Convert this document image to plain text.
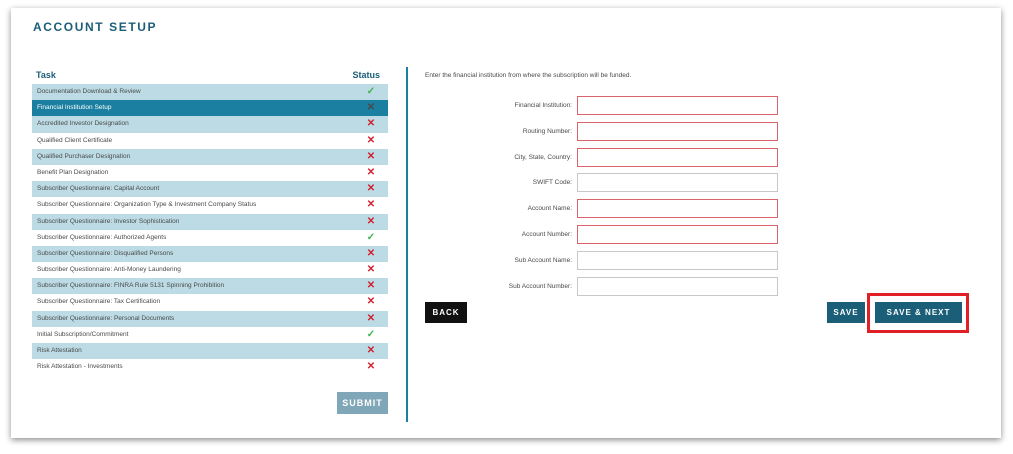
ACCOUNT SETUP
Task	Status
Documentation Download & Review	✓
Financial Institution Setup	✕
Accredited Investor Designation	✕
Qualified Client Certificate	✕
Qualified Purchaser Designation	✕
Benefit Plan Designation	✕
Subscriber Questionnaire: Capital Account	✕
Subscriber Questionnaire: Organization Type & Investment Company Status	✕
Subscriber Questionnaire: Investor Sophistication	✕
Subscriber Questionnaire: Authorized Agents	✓
Subscriber Questionnaire: Disqualified Persons	✕
Subscriber Questionnaire: Anti-Money Laundering	✕
Subscriber Questionnaire: FINRA Rule 5131 Spinning Prohibition	✕
Subscriber Questionnaire: Tax Certification	✕
Subscriber Questionnaire: Personal Documents	✕
Initial Subscription/Commitment	✓
Risk Attestation	✕
Risk Attestation - Investments	✕
SUBMIT
Enter the financial institution from where the subscription will be funded.
Financial Institution:
Routing Number:
City, State, Country:
SWIFT Code:
Account Name:
Account Number:
Sub Account Name:
Sub Account Number:
BACK	SAVE	SAVE & NEXT
